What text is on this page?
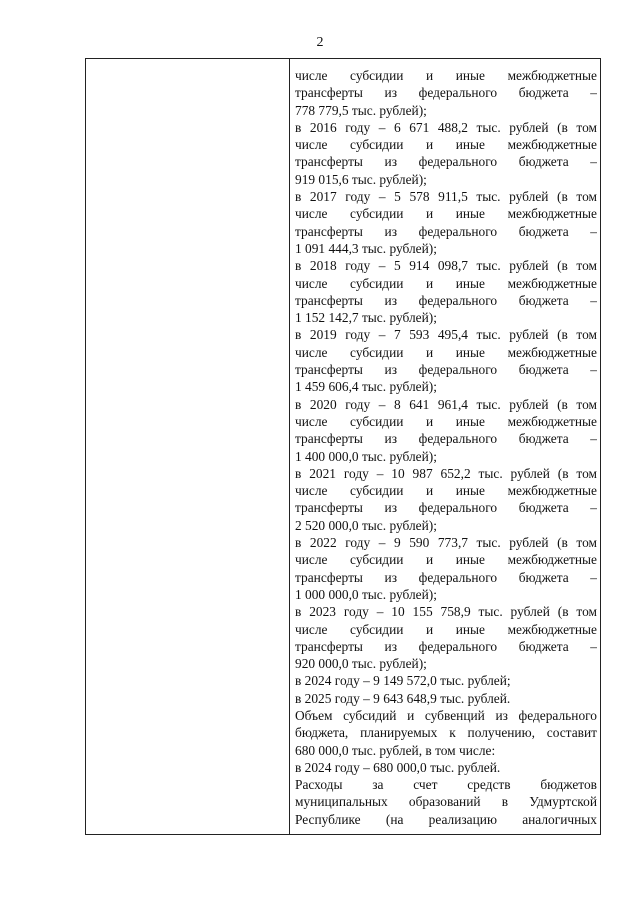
2
числе субсидии и иные межбюджетные
трансферты из федерального бюджета –
778 779,5 тыс. рублей);
в 2016 году – 6 671 488,2 тыс. рублей (в том
числе субсидии и иные межбюджетные
трансферты из федерального бюджета –
919 015,6 тыс. рублей);
в 2017 году – 5 578 911,5 тыс. рублей (в том
числе субсидии и иные межбюджетные
трансферты из федерального бюджета –
1 091 444,3 тыс. рублей);
в 2018 году – 5 914 098,7 тыс. рублей (в том
числе субсидии и иные межбюджетные
трансферты из федерального бюджета –
1 152 142,7 тыс. рублей);
в 2019 году – 7 593 495,4 тыс. рублей (в том
числе субсидии и иные межбюджетные
трансферты из федерального бюджета –
1 459 606,4 тыс. рублей);
в 2020 году – 8 641 961,4 тыс. рублей (в том
числе субсидии и иные межбюджетные
трансферты из федерального бюджета –
1 400 000,0 тыс. рублей);
в 2021 году – 10 987 652,2 тыс. рублей (в том
числе субсидии и иные межбюджетные
трансферты из федерального бюджета –
2 520 000,0 тыс. рублей);
в 2022 году – 9 590 773,7 тыс. рублей (в том
числе субсидии и иные межбюджетные
трансферты из федерального бюджета –
1 000 000,0 тыс. рублей);
в 2023 году – 10 155 758,9 тыс. рублей (в том
числе субсидии и иные межбюджетные
трансферты из федерального бюджета –
920 000,0 тыс. рублей);
в 2024 году – 9 149 572,0 тыс. рублей;
в 2025 году – 9 643 648,9 тыс. рублей.
Объем субсидий и субвенций из федерального
бюджета, планируемых к получению, составит
680 000,0 тыс. рублей, в том числе:
в 2024 году – 680 000,0 тыс. рублей.
Расходы за счет средств бюджетов
муниципальных образований в Удмуртской
Республике (на реализацию аналогичных
